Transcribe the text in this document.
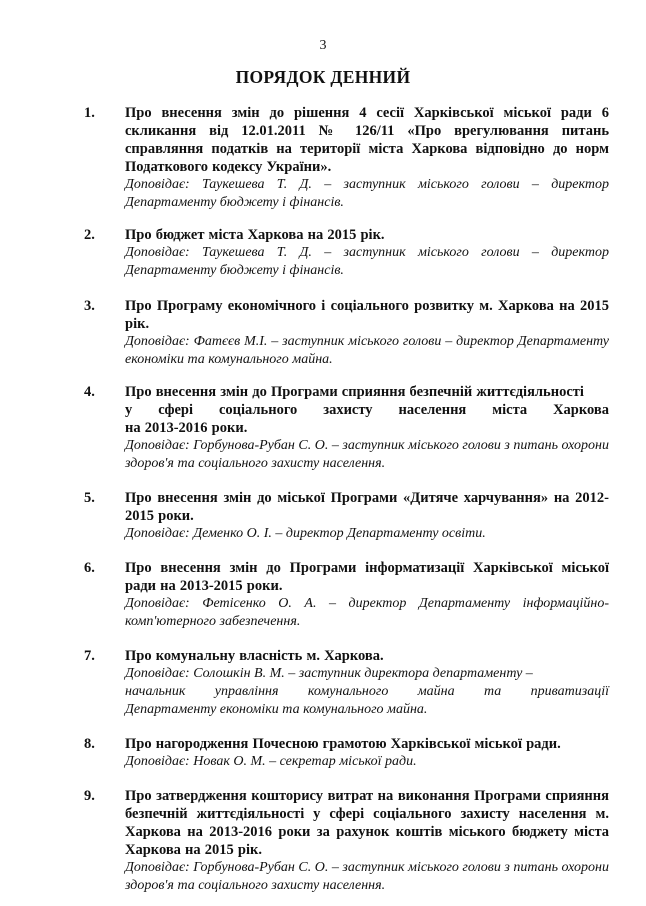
3
ПОРЯДОК ДЕННИЙ
1. Про внесення змін до рішення 4 сесії Харківської міської ради 6 скликання від 12.01.2011 № 126/11 «Про врегулювання питань справляння податків на території міста Харкова відповідно до норм Податкового кодексу України».
Доповідає: Таукешева Т. Д. – заступник міського голови – директор Департаменту бюджету і фінансів.
2. Про бюджет міста Харкова на 2015 рік.
Доповідає: Таукешева Т. Д. – заступник міського голови – директор Департаменту бюджету і фінансів.
3. Про Програму економічного і соціального розвитку м. Харкова на 2015 рік.
Доповідає: Фатєєв М.І. – заступник міського голови – директор Департаменту економіки та комунального майна.
4. Про внесення змін до Програми сприяння безпечній життєдіяльності
у сфері соціального захисту населення міста Харкова
на 2013-2016 роки.
Доповідає: Горбунова-Рубан С. О. – заступник міського голови з питань охорони здоров'я та соціального захисту населення.
5. Про внесення змін до міської Програми «Дитяче харчування» на 2012-2015 роки.
Доповідає: Деменко О. І. – директор Департаменту освіти.
6. Про внесення змін до Програми інформатизації Харківської міської ради на 2013-2015 роки.
Доповідає: Фетісенко О. А. – директор Департаменту інформаційно-комп'ютерного забезпечення.
7. Про комунальну власність м. Харкова.
Доповідає: Солошкін В. М. – заступник директора департаменту –
начальник управління комунального майна та приватизації
Департаменту економіки та комунального майна.
8. Про нагородження Почесною грамотою Харківської міської ради.
Доповідає: Новак О. М. – секретар міської ради.
9. Про затвердження кошторису витрат на виконання Програми сприяння безпечній життєдіяльності у сфері соціального захисту населення м. Харкова на 2013-2016 роки за рахунок коштів міського бюджету міста Харкова на 2015 рік.
Доповідає: Горбунова-Рубан С. О. – заступник міського голови з питань охорони здоров'я та соціального захисту населення.
